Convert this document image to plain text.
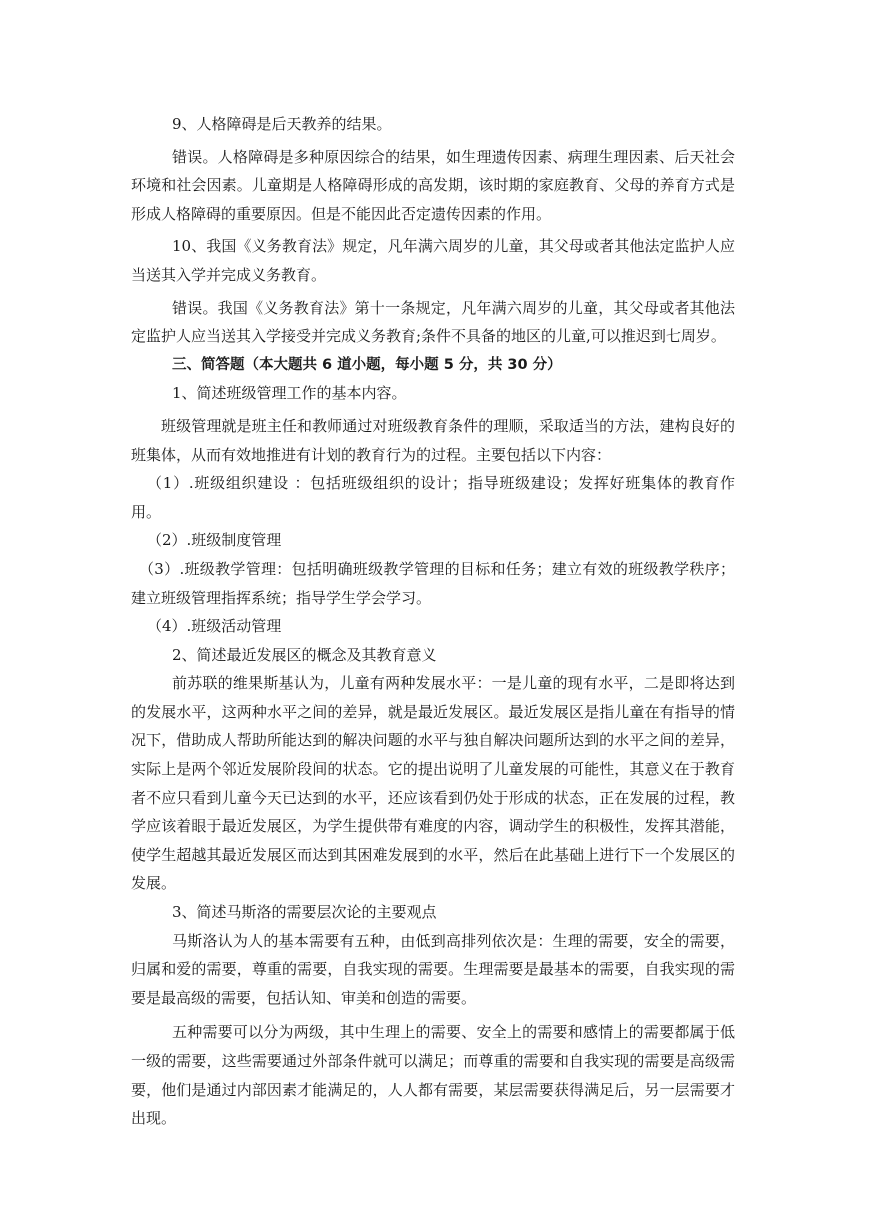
9、人格障碍是后天教养的结果。

错误。人格障碍是多种原因综合的结果，如生理遗传因素、病理生理因素、后天社会环境和社会因素。儿童期是人格障碍形成的高发期，该时期的家庭教育、父母的养育方式是形成人格障碍的重要原因。但是不能因此否定遗传因素的作用。

10、我国《义务教育法》规定，凡年满六周岁的儿童，其父母或者其他法定监护人应当送其入学并完成义务教育。

错误。我国《义务教育法》第十一条规定，凡年满六周岁的儿童，其父母或者其他法定监护人应当送其入学接受并完成义务教育;条件不具备的地区的儿童,可以推迟到七周岁。

三、简答题（本大题共 6 道小题，每小题 5 分，共 30 分）

1、简述班级管理工作的基本内容。

班级管理就是班主任和教师通过对班级教育条件的理顺，采取适当的方法，建构良好的班集体，从而有效地推进有计划的教育行为的过程。主要包括以下内容：

（1）.班级组织建设 ：包括班级组织的设计；指导班级建设；发挥好班集体的教育作用。

（2）.班级制度管理

（3）.班级教学管理：包括明确班级教学管理的目标和任务；建立有效的班级教学秩序；建立班级管理指挥系统；指导学生学会学习。

（4）.班级活动管理

2、简述最近发展区的概念及其教育意义

前苏联的维果斯基认为，儿童有两种发展水平：一是儿童的现有水平，二是即将达到的发展水平，这两种水平之间的差异，就是最近发展区。最近发展区是指儿童在有指导的情况下，借助成人帮助所能达到的解决问题的水平与独自解决问题所达到的水平之间的差异，实际上是两个邻近发展阶段间的状态。它的提出说明了儿童发展的可能性，其意义在于教育者不应只看到儿童今天已达到的水平，还应该看到仍处于形成的状态，正在发展的过程，教学应该着眼于最近发展区，为学生提供带有难度的内容，调动学生的积极性，发挥其潜能，使学生超越其最近发展区而达到其困难发展到的水平，然后在此基础上进行下一个发展区的发展。

3、简述马斯洛的需要层次论的主要观点

马斯洛认为人的基本需要有五种，由低到高排列依次是：生理的需要，安全的需要，归属和爱的需要，尊重的需要，自我实现的需要。生理需要是最基本的需要，自我实现的需要是最高级的需要，包括认知、审美和创造的需要。

五种需要可以分为两级，其中生理上的需要、安全上的需要和感情上的需要都属于低一级的需要，这些需要通过外部条件就可以满足；而尊重的需要和自我实现的需要是高级需要，他们是通过内部因素才能满足的，人人都有需要，某层需要获得满足后，另一层需要才出现。
